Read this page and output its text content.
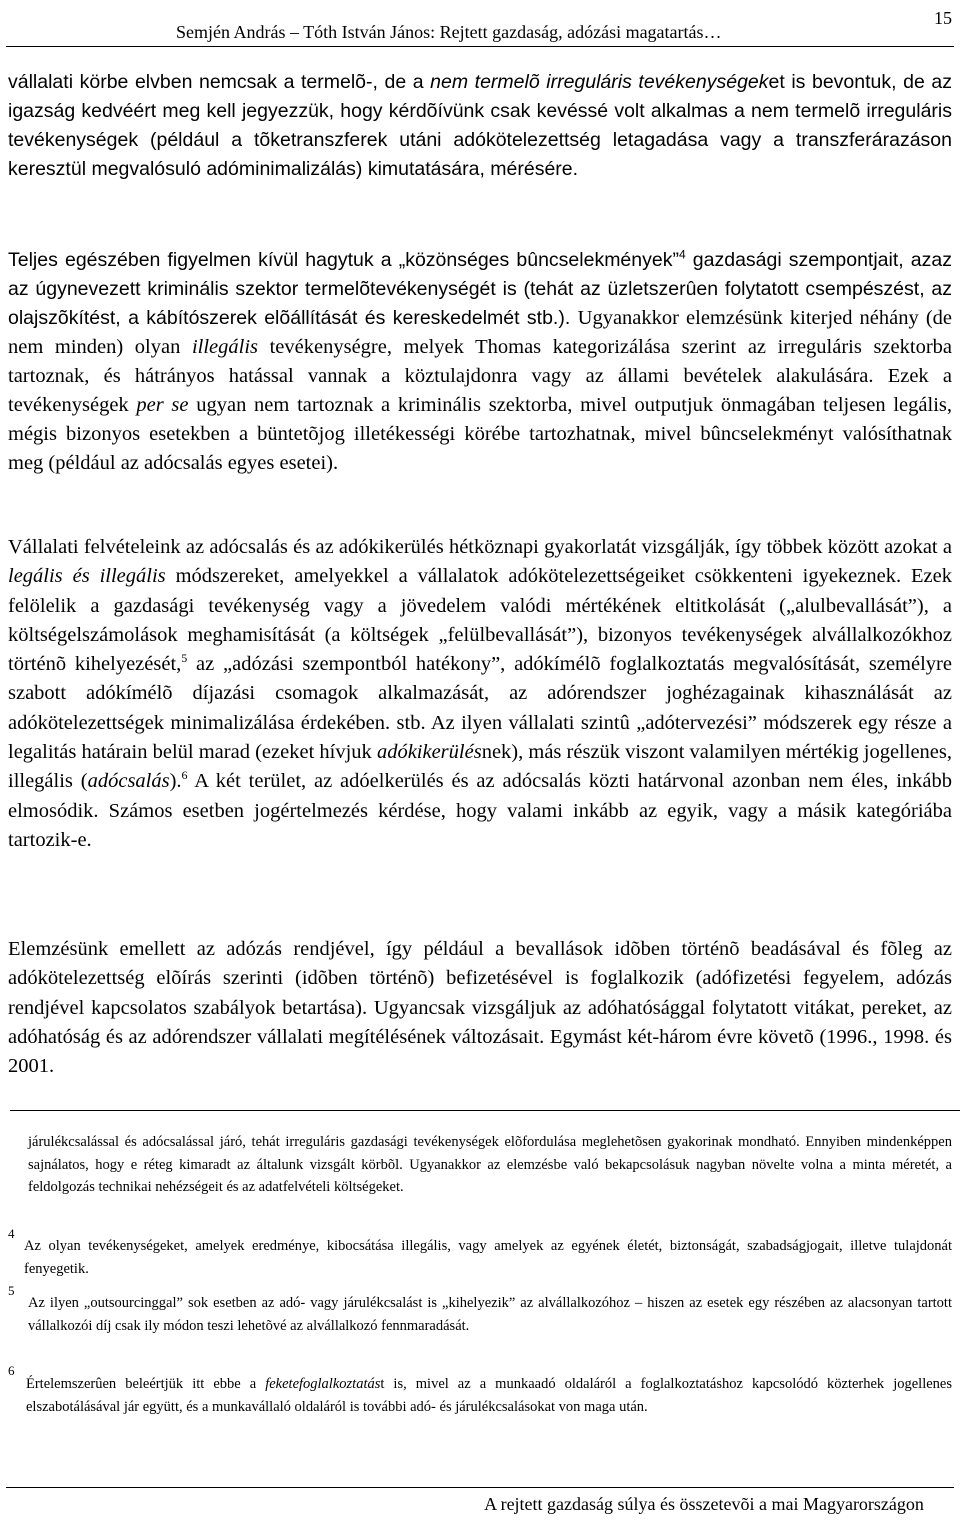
Semjén András – Tóth István János: Rejtett gazdaság, adózási magatartás…
15

vállalati körbe elvben nemcsak a termelõ-, de a nem termelõ irreguláris tevékenységeket is bevontuk, de az igazság kedvéért meg kell jegyezzük, hogy kérdõívünk csak kevéssé volt alkalmas a nem termelõ irreguláris tevékenységek (például a tõketranszferek utáni adókötelezettség letagadása vagy a transzferárazáson keresztül megvalósuló adóminimalizálás) kimutatására, mérésére.

Teljes egészében figyelmen kívül hagytuk a „közönséges bûncselekmények”$^4$ gazdasági szempontjait, azaz az úgynevezett kriminális szektor termelõtevékenységét is (tehát az üzletszerûen folytatott csempészést, az olajszõkítést, a kábítószerek elõállítását és kereskedelmét stb.). Ugyanakkor elemzésünk kiterjed néhány (de nem minden) olyan illegális tevékenységre, melyek Thomas kategorizálása szerint az irreguláris szektorba tartoznak, és hátrányos hatással vannak a köztulajdonra vagy az állami bevételek alakulására. Ezek a tevékenységek per se ugyan nem tartoznak a kriminális szektorba, mivel outputjuk önmagában teljesen legális, mégis bizonyos esetekben a büntetõjog illetékességi körébe tartozhatnak, mivel bûncselekményt valósíthatnak meg (például az adócsalás egyes esetei).

Vállalati felvételeink az adócsalás és az adókikerülés hétköznapi gyakorlatát vizsgálják, így többek között azokat a legális és illegális módszereket, amelyekkel a vállalatok adókötelezettségeiket csökkenteni igyekeznek. Ezek felölelik a gazdasági tevékenység vagy a jövedelem valódi mértékének eltitkolását („alulbevallását”), a költségelszámolások meghamisítását (a költségek „felülbevallását”), bizonyos tevékenységek alvállalkozókhoz történõ kihelyezését,$^5$ az „adózási szempontból hatékony”, adókímélõ foglalkoztatás megvalósítását, személyre szabott adókímélõ díjazási csomagok alkalmazását, az adórendszer joghézagainak kihasználását az adókötelezettségek minimalizálása érdekében. stb. Az ilyen vállalati szintû „adótervezési” módszerek egy része a legalitás határain belül marad (ezeket hívjuk adókikerülésnek), más részük viszont valamilyen mértékig jogellenes, illegális (adócsalás).$^6$ A két terület, az adóelkerülés és az adócsalás közti határvonal azonban nem éles, inkább elmosódik. Számos esetben jogértelmezés kérdése, hogy valami inkább az egyik, vagy a másik kategóriába tartozik-e.

Elemzésünk emellett az adózás rendjével, így például a bevallások idõben történõ beadásával és fõleg az adókötelezettség elõírás szerinti (idõben történõ) befizetésével is foglalkozik (adófizetési fegyelem, adózás rendjével kapcsolatos szabályok betartása). Ugyancsak vizsgáljuk az adóhatósággal folytatott vitákat, pereket, az adóhatóság és az adórendszer vállalati megítélésének változásait. Egymást két-három évre követõ (1996., 1998. és 2001.

járulékcsalással és adócsalással járó, tehát irreguláris gazdasági tevékenységek elõfordulása meglehetõsen gyakorinak mondható. Ennyiben mindenképpen sajnálatos, hogy e réteg kimaradt az általunk vizsgált körbõl. Ugyanakkor az elemzésbe való bekapcsolásuk nagyban növelte volna a minta méretét, a feldolgozás technikai nehézségeit és az adatfelvételi költségeket.

4

Az olyan tevékenységeket, amelyek eredménye, kibocsátása illegális, vagy amelyek az egyének életét, biztonságát, szabadságjogait, illetve tulajdonát fenyegetik.

5

Az ilyen „outsourcinggal” sok esetben az adó- vagy járulékcsalást is „kihelyezik” az alvállalkozóhoz – hiszen az esetek egy részében az alacsonyan tartott vállalkozói díj csak ily módon teszi lehetõvé az alvállalkozó fennmaradását.

6

Értelemszerûen beleértjük itt ebbe a feketefoglalkoztatást is, mivel az a munkaadó oldaláról a foglalkoztatáshoz kapcsolódó közterhek jogellenes elszabotálásával jár együtt, és a munkavállaló oldaláról is további adó- és járulékcsalásokat von maga után.

A rejtett gazdaság súlya és összetevõi a mai Magyarországon
